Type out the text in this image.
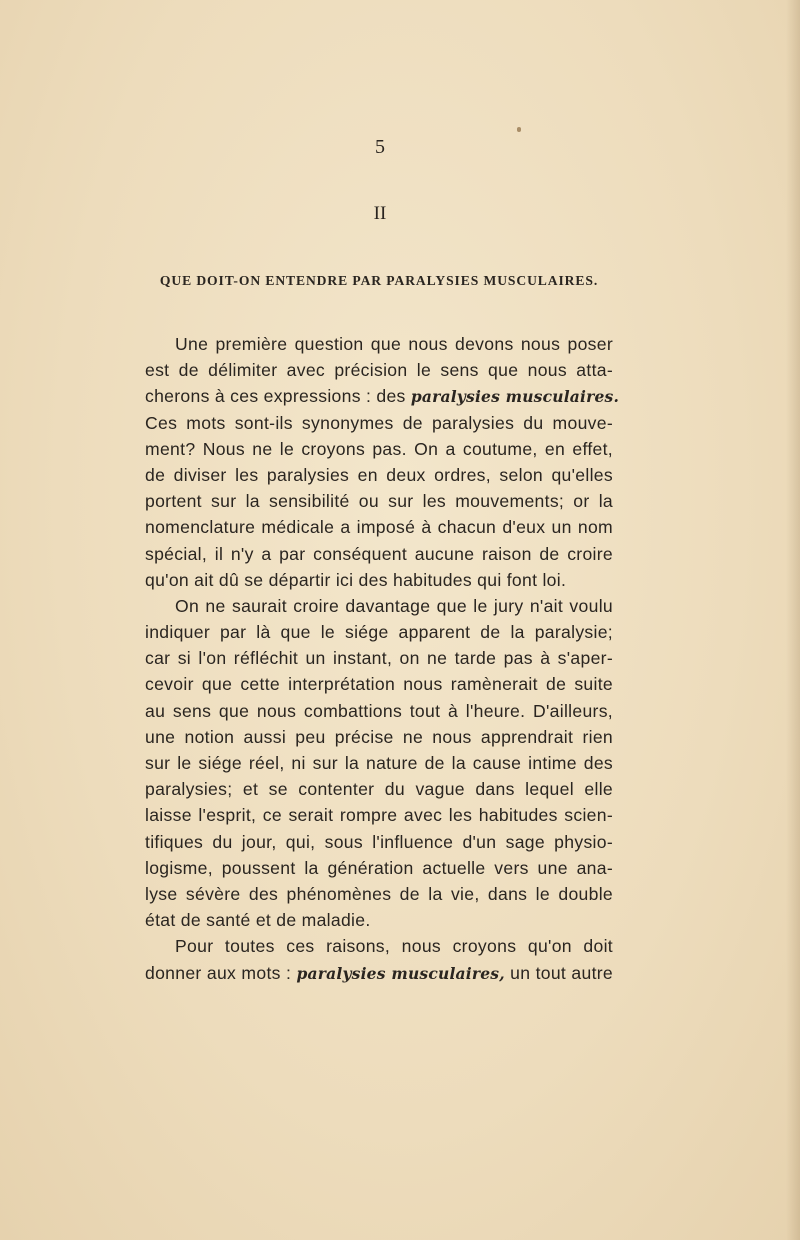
5
II
QUE DOIT-ON ENTENDRE PAR PARALYSIES MUSCULAIRES.
Une première question que nous devons nous poser
est de délimiter avec précision le sens que nous atta-
cherons à ces expressions : des paralysies musculaires.
Ces mots sont-ils synonymes de paralysies du mouve-
ment? Nous ne le croyons pas. On a coutume, en effet,
de diviser les paralysies en deux ordres, selon qu'elles
portent sur la sensibilité ou sur les mouvements; or la
nomenclature médicale a imposé à chacun d'eux un nom
spécial, il n'y a par conséquent aucune raison de croire
qu'on ait dû se départir ici des habitudes qui font loi.
On ne saurait croire davantage que le jury n'ait voulu
indiquer par là que le siége apparent de la paralysie;
car si l'on réfléchit un instant, on ne tarde pas à s'aper-
cevoir que cette interprétation nous ramènerait de suite
au sens que nous combattions tout à l'heure. D'ailleurs,
une notion aussi peu précise ne nous apprendrait rien
sur le siége réel, ni sur la nature de la cause intime des
paralysies; et se contenter du vague dans lequel elle
laisse l'esprit, ce serait rompre avec les habitudes scien-
tifiques du jour, qui, sous l'influence d'un sage physio-
logisme, poussent la génération actuelle vers une ana-
lyse sévère des phénomènes de la vie, dans le double
état de santé et de maladie.
Pour toutes ces raisons, nous croyons qu'on doit
donner aux mots : paralysies musculaires, un tout autre
